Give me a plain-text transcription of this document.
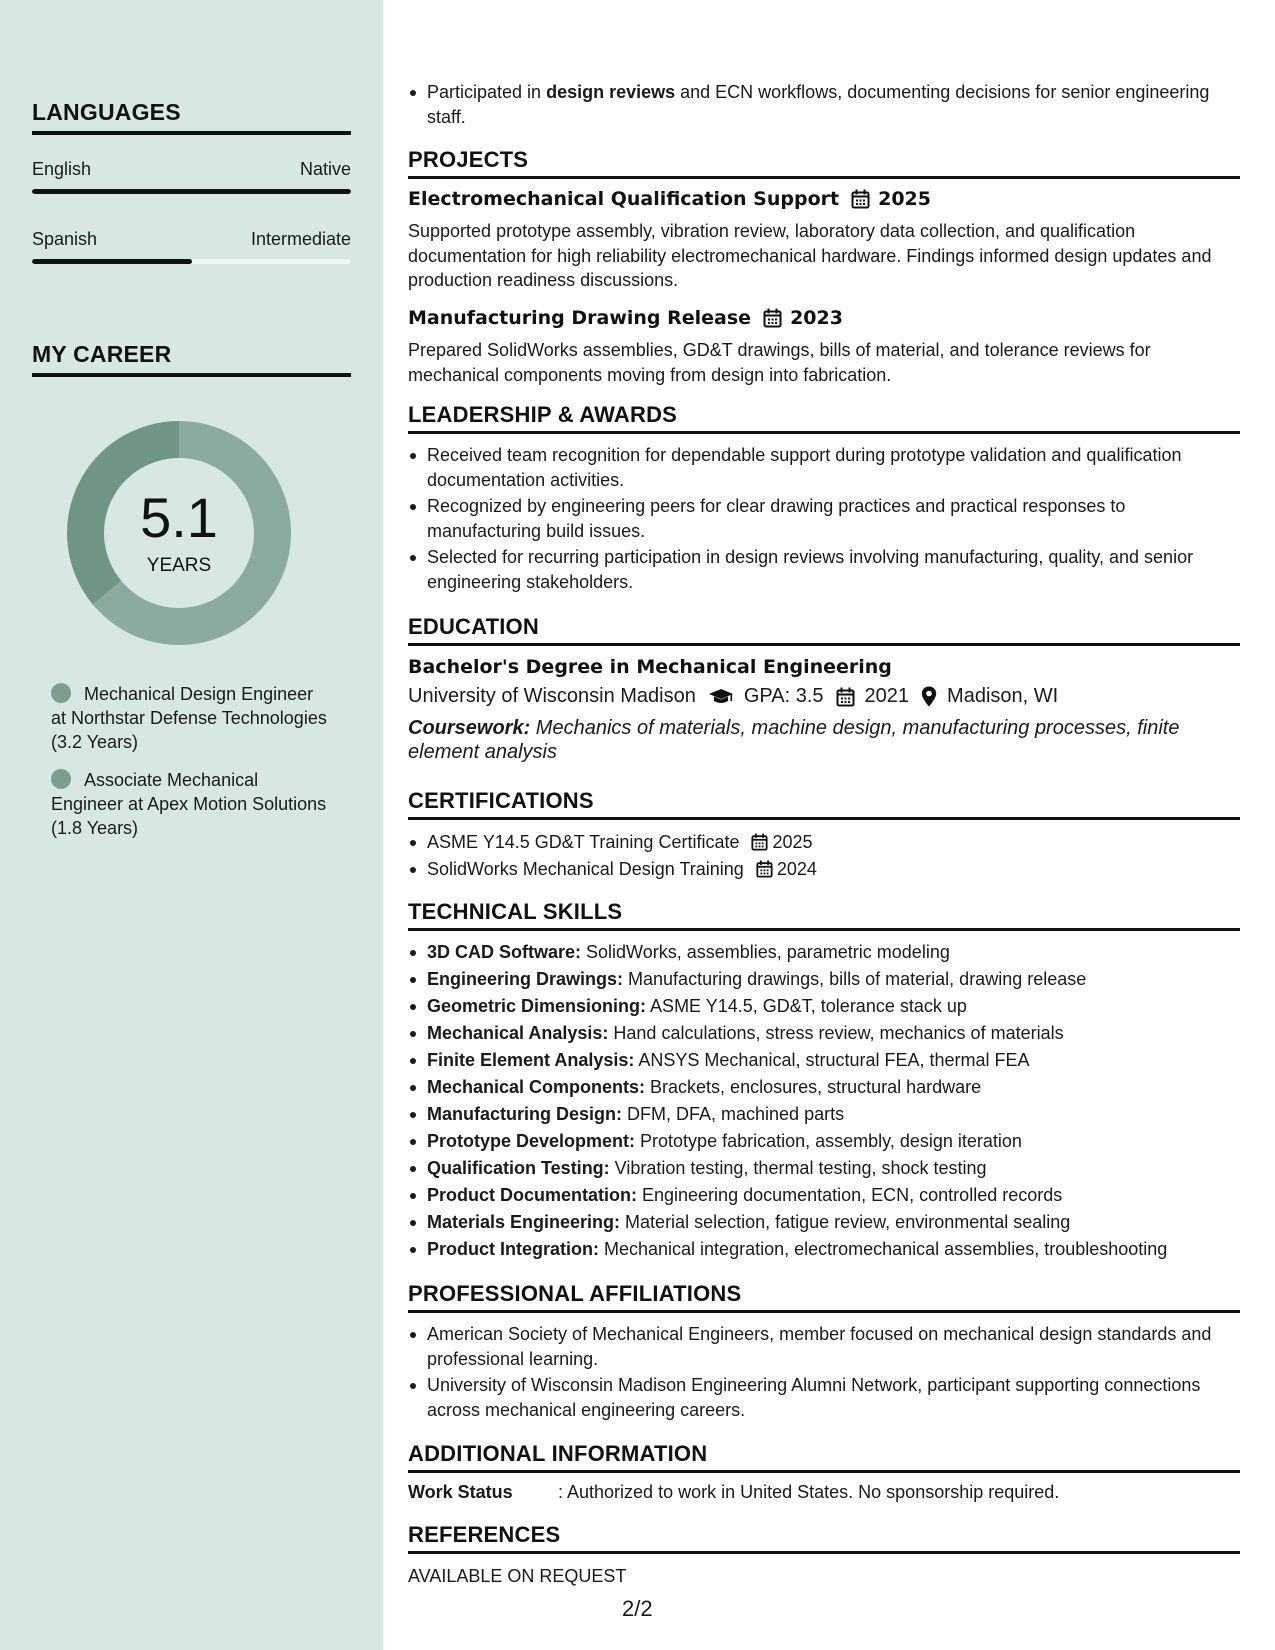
LANGUAGES
English	Native
Spanish	Intermediate
MY CAREER
5.1
YEARS
Mechanical Design Engineer at Northstar Defense Technologies (3.2 Years)
Associate Mechanical Engineer at Apex Motion Solutions (1.8 Years)
Participated in design reviews and ECN workflows, documenting decisions for senior engineering staff.
PROJECTS
Electromechanical Qualification Support 2025
Supported prototype assembly, vibration review, laboratory data collection, and qualification documentation for high reliability electromechanical hardware. Findings informed design updates and production readiness discussions.
Manufacturing Drawing Release 2023
Prepared SolidWorks assemblies, GD&T drawings, bills of material, and tolerance reviews for mechanical components moving from design into fabrication.
LEADERSHIP & AWARDS
Received team recognition for dependable support during prototype validation and qualification documentation activities.
Recognized by engineering peers for clear drawing practices and practical responses to manufacturing build issues.
Selected for recurring participation in design reviews involving manufacturing, quality, and senior engineering stakeholders.
EDUCATION
Bachelor's Degree in Mechanical Engineering
University of Wisconsin Madison GPA: 3.5 2021 Madison, WI
Coursework: Mechanics of materials, machine design, manufacturing processes, finite element analysis
CERTIFICATIONS
ASME Y14.5 GD&T Training Certificate 2025
SolidWorks Mechanical Design Training 2024
TECHNICAL SKILLS
3D CAD Software: SolidWorks, assemblies, parametric modeling
Engineering Drawings: Manufacturing drawings, bills of material, drawing release
Geometric Dimensioning: ASME Y14.5, GD&T, tolerance stack up
Mechanical Analysis: Hand calculations, stress review, mechanics of materials
Finite Element Analysis: ANSYS Mechanical, structural FEA, thermal FEA
Mechanical Components: Brackets, enclosures, structural hardware
Manufacturing Design: DFM, DFA, machined parts
Prototype Development: Prototype fabrication, assembly, design iteration
Qualification Testing: Vibration testing, thermal testing, shock testing
Product Documentation: Engineering documentation, ECN, controlled records
Materials Engineering: Material selection, fatigue review, environmental sealing
Product Integration: Mechanical integration, electromechanical assemblies, troubleshooting
PROFESSIONAL AFFILIATIONS
American Society of Mechanical Engineers, member focused on mechanical design standards and professional learning.
University of Wisconsin Madison Engineering Alumni Network, participant supporting connections across mechanical engineering careers.
ADDITIONAL INFORMATION
Work Status	: Authorized to work in United States. No sponsorship required.
REFERENCES
AVAILABLE ON REQUEST
2/2
